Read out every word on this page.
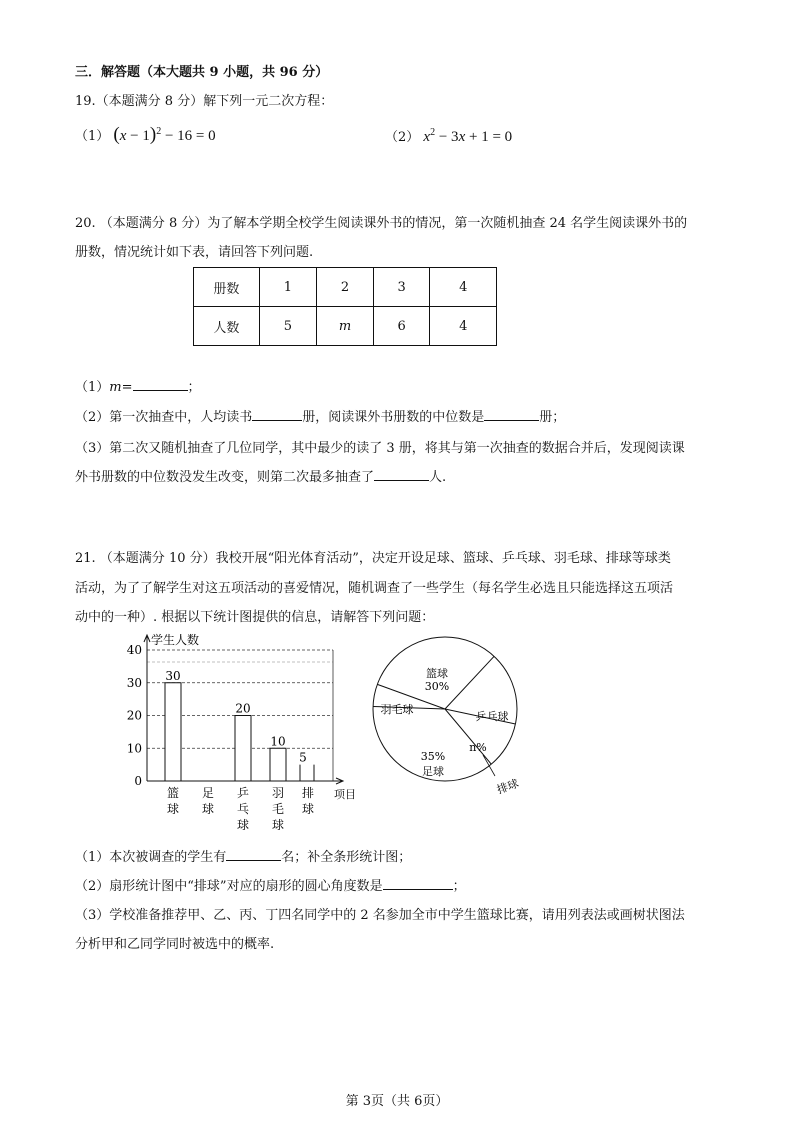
三．解答题（本大题共 9 小题，共 96 分）
19.（本题满分 8 分）解下列一元二次方程：
（1） $(x - 1)^2 - 16 = 0$	（2） $x^2 - 3x + 1 = 0$
20. （本题满分 8 分）为了解本学期全校学生阅读课外书的情况，第一次随机抽查 24 名学生阅读课外书的
册数，情况统计如下表，请回答下列问题.
册数	1	2	3	4
人数	5	m	6	4
（1）m=	；
（2）第一次抽查中，人均读书	册，阅读课外书册数的中位数是	册；
（3）第二次又随机抽查了几位同学，其中最少的读了 3 册，将其与第一次抽查的数据合并后，发现阅读课
外书册数的中位数没发生改变，则第二次最多抽查了	人.
21. （本题满分 10 分）我校开展“阳光体育活动”，决定开设足球、篮球、乒乓球、羽毛球、排球等球类
活动，为了了解学生对这五项活动的喜爱情况，随机调查了一些学生（每名学生必选且只能选择这五项活
动中的一种）. 根据以下统计图提供的信息，请解答下列问题：
学生人数
项目
0
10
20
30
40
30
20
10
5
篮
球
足
球
乒
乓
球
羽
毛
球
排
球
篮球
30%
乒乓球
n%
排球
35%
足球
羽毛球
（1）本次被调查的学生有	名；补全条形统计图；
（2）扇形统计图中“排球”对应的扇形的圆心角度数是	；
（3）学校准备推荐甲、乙、丙、丁四名同学中的 2 名参加全市中学生篮球比赛，请用列表法或画树状图法
分析甲和乙同学同时被选中的概率.
第 3页（共 6页）
